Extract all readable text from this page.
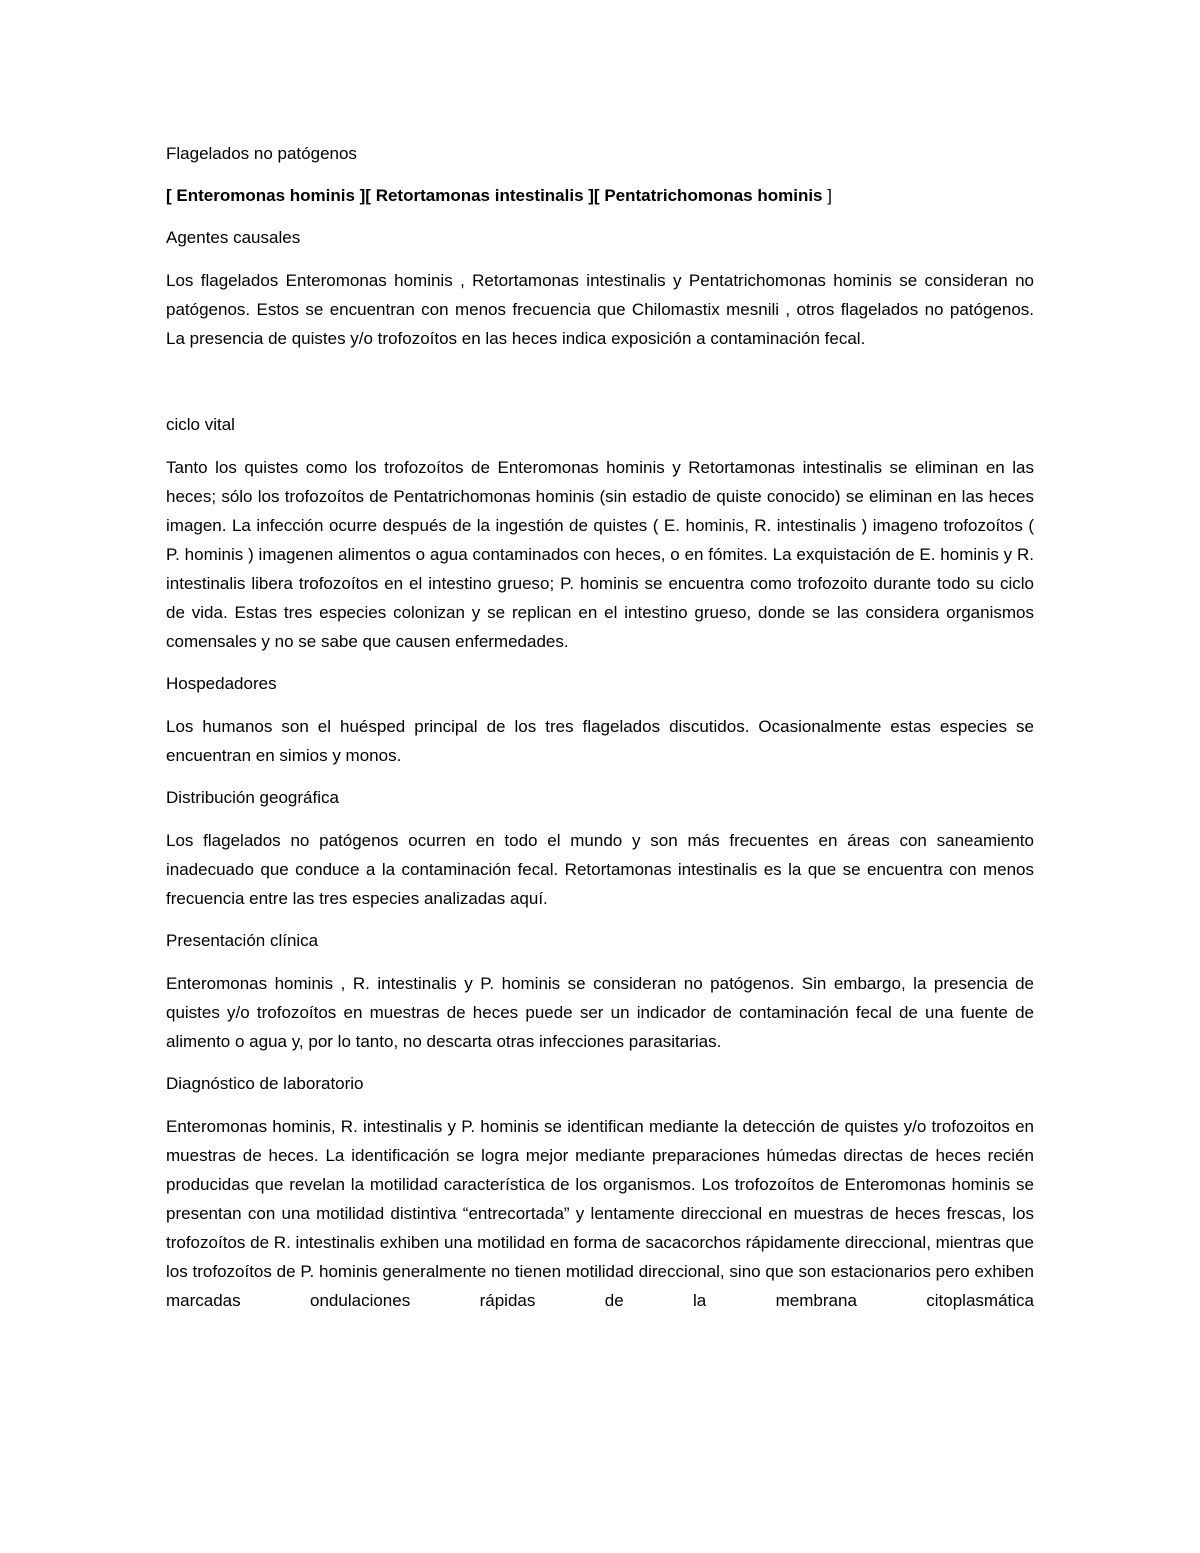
Flagelados no patógenos

[ Enteromonas hominis ][ Retortamonas intestinalis ][ Pentatrichomonas hominis ]

Agentes causales

Los flagelados Enteromonas hominis , Retortamonas intestinalis y Pentatrichomonas hominis se consideran no patógenos. Estos se encuentran con menos frecuencia que Chilomastix mesnili , otros flagelados no patógenos. La presencia de quistes y/o trofozoítos en las heces indica exposición a contaminación fecal.

ciclo vital

Tanto los quistes como los trofozoítos de Enteromonas hominis y Retortamonas intestinalis se eliminan en las heces; sólo los trofozoítos de Pentatrichomonas hominis (sin estadio de quiste conocido) se eliminan en las heces imagen. La infección ocurre después de la ingestión de quistes ( E. hominis, R. intestinalis ) imageno trofozoítos ( P. hominis ) imagenen alimentos o agua contaminados con heces, o en fómites. La exquistación de E. hominis y R. intestinalis libera trofozoítos en el intestino grueso; P. hominis se encuentra como trofozoito durante todo su ciclo de vida. Estas tres especies colonizan y se replican en el intestino grueso, donde se las considera organismos comensales y no se sabe que causen enfermedades.

Hospedadores

Los humanos son el huésped principal de los tres flagelados discutidos. Ocasionalmente estas especies se encuentran en simios y monos.

Distribución geográfica

Los flagelados no patógenos ocurren en todo el mundo y son más frecuentes en áreas con saneamiento inadecuado que conduce a la contaminación fecal. Retortamonas intestinalis es la que se encuentra con menos frecuencia entre las tres especies analizadas aquí.

Presentación clínica

Enteromonas hominis , R. intestinalis y P. hominis se consideran no patógenos. Sin embargo, la presencia de quistes y/o trofozoítos en muestras de heces puede ser un indicador de contaminación fecal de una fuente de alimento o agua y, por lo tanto, no descarta otras infecciones parasitarias.

Diagnóstico de laboratorio

Enteromonas hominis, R. intestinalis y P. hominis se identifican mediante la detección de quistes y/o trofozoitos en muestras de heces. La identificación se logra mejor mediante preparaciones húmedas directas de heces recién producidas que revelan la motilidad característica de los organismos. Los trofozoítos de Enteromonas hominis se presentan con una motilidad distintiva “entrecortada” y lentamente direccional en muestras de heces frescas, los trofozoítos de R. intestinalis exhiben una motilidad en forma de sacacorchos rápidamente direccional, mientras que los trofozoítos de P. hominis generalmente no tienen motilidad direccional, sino que son estacionarios pero exhiben marcadas ondulaciones rápidas de la membrana citoplasmática
